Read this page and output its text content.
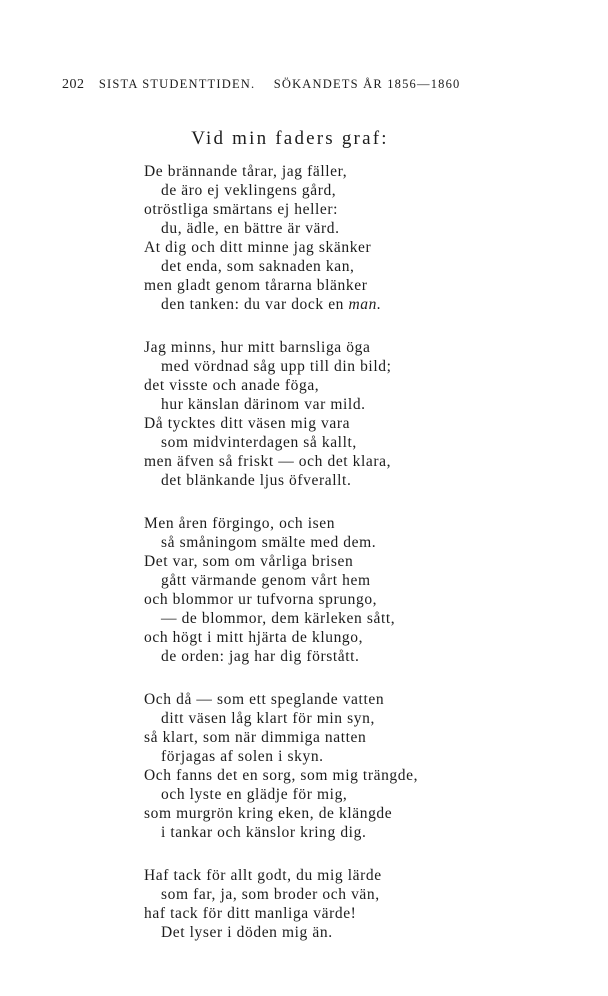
202 SISTA STUDENTTIDEN. SÖKANDETS ÅR 1856—1860
Vid min faders graf:
De brännande tårar, jag fäller,
de äro ej veklingens gård,
otröstliga smärtans ej heller:
du, ädle, en bättre är värd.
At dig och ditt minne jag skänker
det enda, som saknaden kan,
men gladt genom tårarna blänker
den tanken: du var dock en man.
Jag minns, hur mitt barnsliga öga
med vördnad såg upp till din bild;
det visste och anade föga,
hur känslan därinom var mild.
Då tycktes ditt väsen mig vara
som midvinterdagen så kallt,
men äfven så friskt — och det klara,
det blänkande ljus öfverallt.
Men åren förgingo, och isen
så småningom smälte med dem.
Det var, som om vårliga brisen
gått värmande genom vårt hem
och blommor ur tufvorna sprungo,
— de blommor, dem kärleken sått,
och högt i mitt hjärta de klungo,
de orden: jag har dig förstått.
Och då — som ett speglande vatten
ditt väsen låg klart för min syn,
så klart, som när dimmiga natten
förjagas af solen i skyn.
Och fanns det en sorg, som mig trängde,
och lyste en glädje för mig,
som murgrön kring eken, de klängde
i tankar och känslor kring dig.
Haf tack för allt godt, du mig lärde
som far, ja, som broder och vän,
haf tack för ditt manliga värde!
Det lyser i döden mig än.
